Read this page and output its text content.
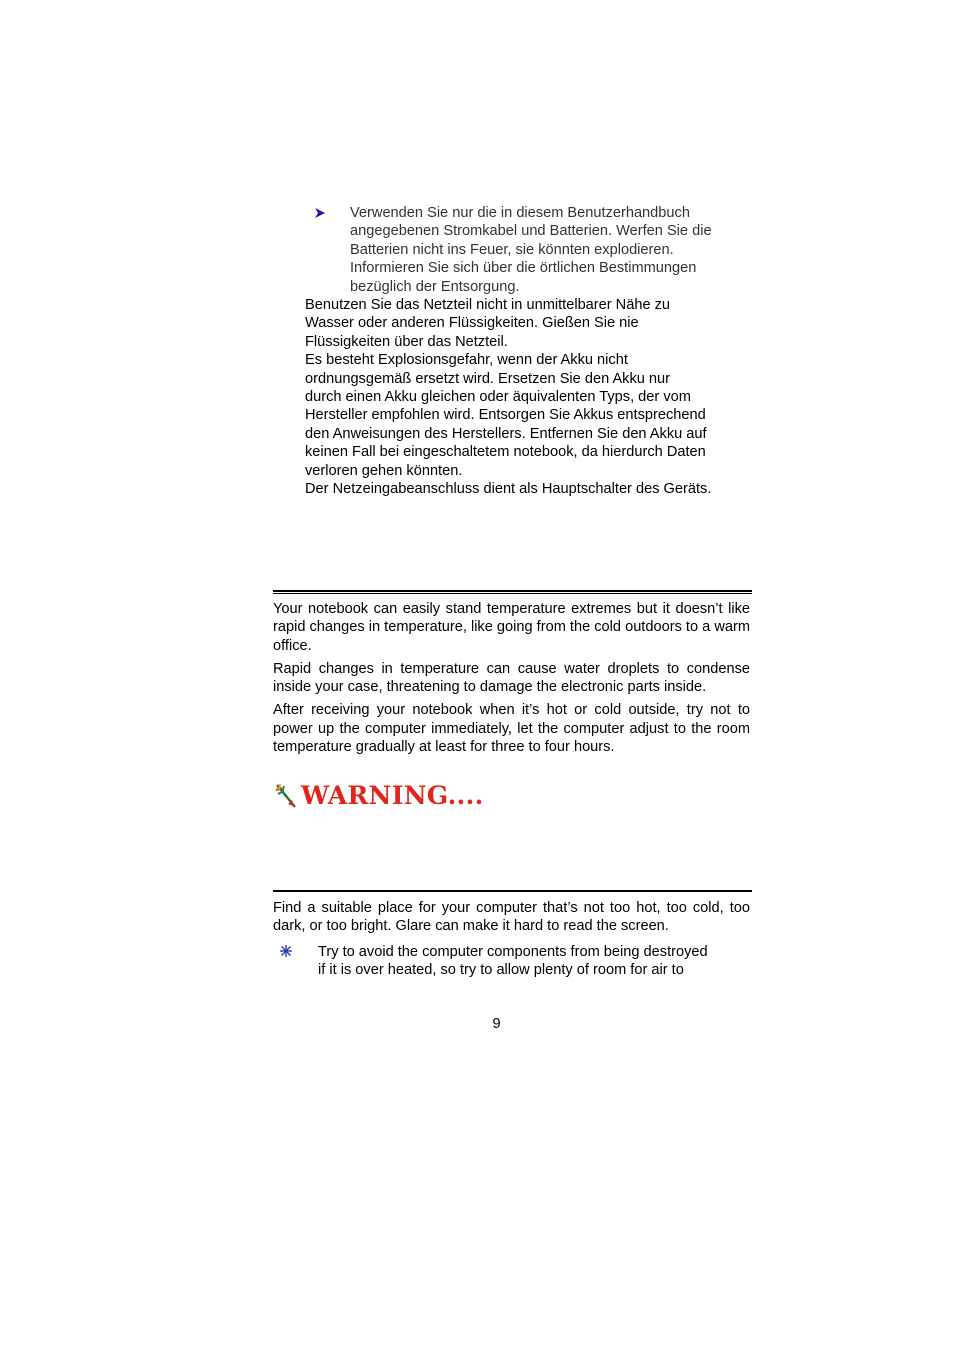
Verwenden Sie nur die in diesem Benutzerhandbuch

angegebenen Stromkabel und Batterien. Werfen Sie die

Batterien nicht ins Feuer, sie könnten explodieren.

Informieren Sie sich über die örtlichen Bestimmungen

bezüglich der Entsorgung.

Benutzen Sie das Netzteil nicht in unmittelbarer Nähe zu

Wasser oder anderen Flüssigkeiten. Gießen Sie nie

Flüssigkeiten über das Netzteil.

Es besteht Explosionsgefahr, wenn der Akku nicht

ordnungsgemäß ersetzt wird. Ersetzen Sie den Akku nur

durch einen Akku gleichen oder äquivalenten Typs, der vom

Hersteller empfohlen wird. Entsorgen Sie Akkus entsprechend

den Anweisungen des Herstellers. Entfernen Sie den Akku auf

keinen Fall bei eingeschaltetem notebook, da hierdurch Daten

verloren gehen könnten.

Der Netzeingabeanschluss dient als Hauptschalter des Geräts.

Your notebook can easily stand temperature extremes but it doesn’t like rapid changes in temperature, like going from the cold outdoors to a warm office.

Rapid changes in temperature can cause water droplets to condense inside your case, threatening to damage the electronic parts inside.

After receiving your notebook when it’s hot or cold outside, try not to power up the computer immediately, let the computer adjust to the room temperature gradually at least for three to four hours.

WARNING....

Find a suitable place for your computer that’s not too hot, too cold, too dark, or too bright. Glare can make it hard to read the screen.

Try to avoid the computer components from being destroyed

if it is over heated, so try to allow plenty of room for air to

9
